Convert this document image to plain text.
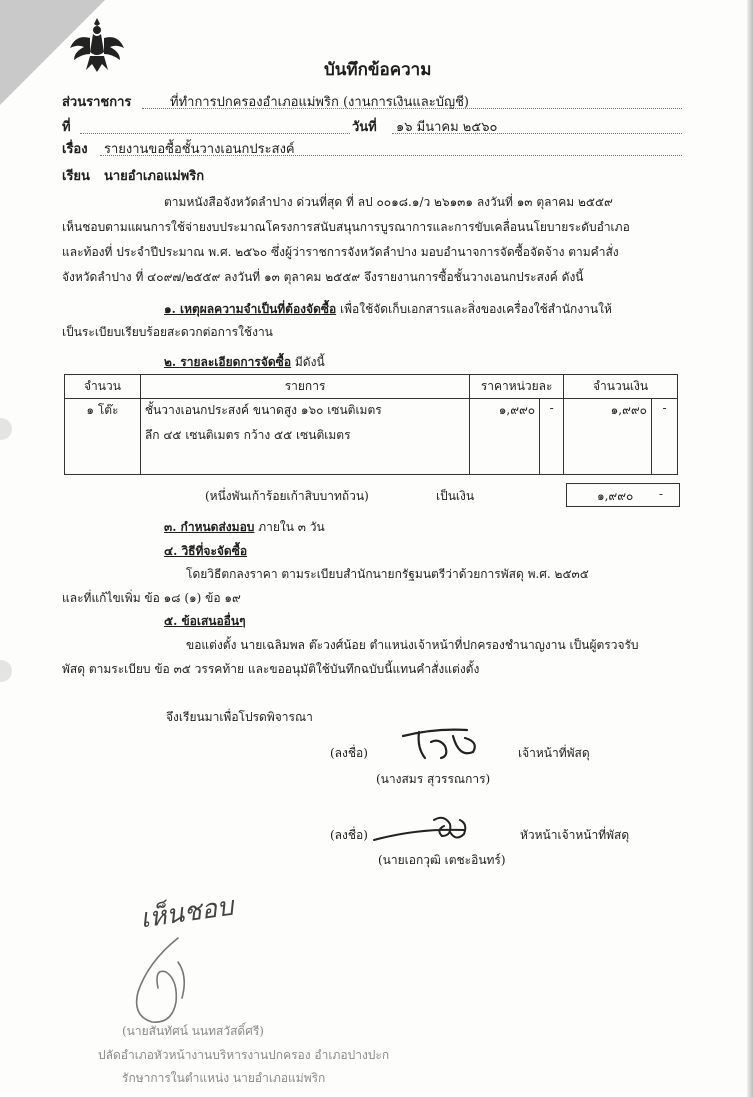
บันทึกข้อความ
ส่วนราชการ	ที่ทำการปกครองอำเภอแม่พริก (งานการเงินและบัญชี)
ที่	วันที่ ๑๖ มีนาคม ๒๕๖๐
เรื่อง รายงานขอซื้อชั้นวางเอนกประสงค์
เรียน นายอำเภอแม่พริก
ตามหนังสือจังหวัดลำปาง ด่วนที่สุด ที่ ลป ๐๐๑๘.๑/ว ๒๖๑๓๑ ลงวันที่ ๑๓ ตุลาคม ๒๕๕๙
เห็นชอบตามแผนการใช้จ่ายงบประมาณโครงการสนับสนุนการบูรณาการและการขับเคลื่อนนโยบายระดับอำเภอ
และท้องที่ ประจำปีประมาณ พ.ศ. ๒๕๖๐ ซึ่งผู้ว่าราชการจังหวัดลำปาง มอบอำนาจการจัดซื้อจัดจ้าง ตามคำสั่ง
จังหวัดลำปาง ที่ ๔๐๙๗/๒๕๕๙ ลงวันที่ ๑๓ ตุลาคม ๒๕๕๙ จึงรายงานการซื้อชั้นวางเอนกประสงค์ ดังนี้
๑. เหตุผลความจำเป็นที่ต้องจัดซื้อ เพื่อใช้จัดเก็บเอกสารและสิ่งของเครื่องใช้สำนักงานให้
เป็นระเบียบเรียบร้อยสะดวกต่อการใช้งาน
๒. รายละเอียดการจัดซื้อ มีดังนี้
จำนวน	รายการ	ราคาหน่วยละ		จำนวนเงิน	
๑ โต๊ะ	ชั้นวางเอนกประสงค์ ขนาดสูง ๑๖๐ เซนติเมตร
ลึก ๔๕ เซนติเมตร กว้าง ๕๕ เซนติเมตร	๑,๙๙๐	-	๑,๙๙๐	-
(หนึ่งพันเก้าร้อยเก้าสิบบาทถ้วน)	เป็นเงิน	๑,๙๙๐ -
๓. กำหนดส่งมอบ ภายใน ๓ วัน
๔. วิธีที่จะจัดซื้อ
โดยวิธีตกลงราคา ตามระเบียบสำนักนายกรัฐมนตรีว่าด้วยการพัสดุ พ.ศ. ๒๕๓๕
และที่แก้ไขเพิ่ม ข้อ ๑๘ (๑) ข้อ ๑๙
๕. ข้อเสนออื่นๆ
ขอแต่งตั้ง นายเฉลิมพล ต๊ะวงศ์น้อย ตำแหน่งเจ้าหน้าที่ปกครองชำนาญงาน เป็นผู้ตรวจรับ
พัสดุ ตามระเบียบ ข้อ ๓๕ วรรคท้าย และขออนุมัติใช้บันทึกฉบับนี้แทนคำสั่งแต่งตั้ง
จึงเรียนมาเพื่อโปรดพิจารณา
(ลงชื่อ)	เจ้าหน้าที่พัสดุ
(นางสมร สุวรรณการ)
(ลงชื่อ)	หัวหน้าเจ้าหน้าที่พัสดุ
(นายเอกวุฒิ เตชะอินทร์)
เห็นชอบ
(นายสันทัศน์ นนทสวัสดิ์ศรี)
ปลัดอำเภอหัวหน้างานบริหารงานปกครอง อำเภอปางปะก
รักษาการในตำแหน่ง นายอำเภอแม่พริก
